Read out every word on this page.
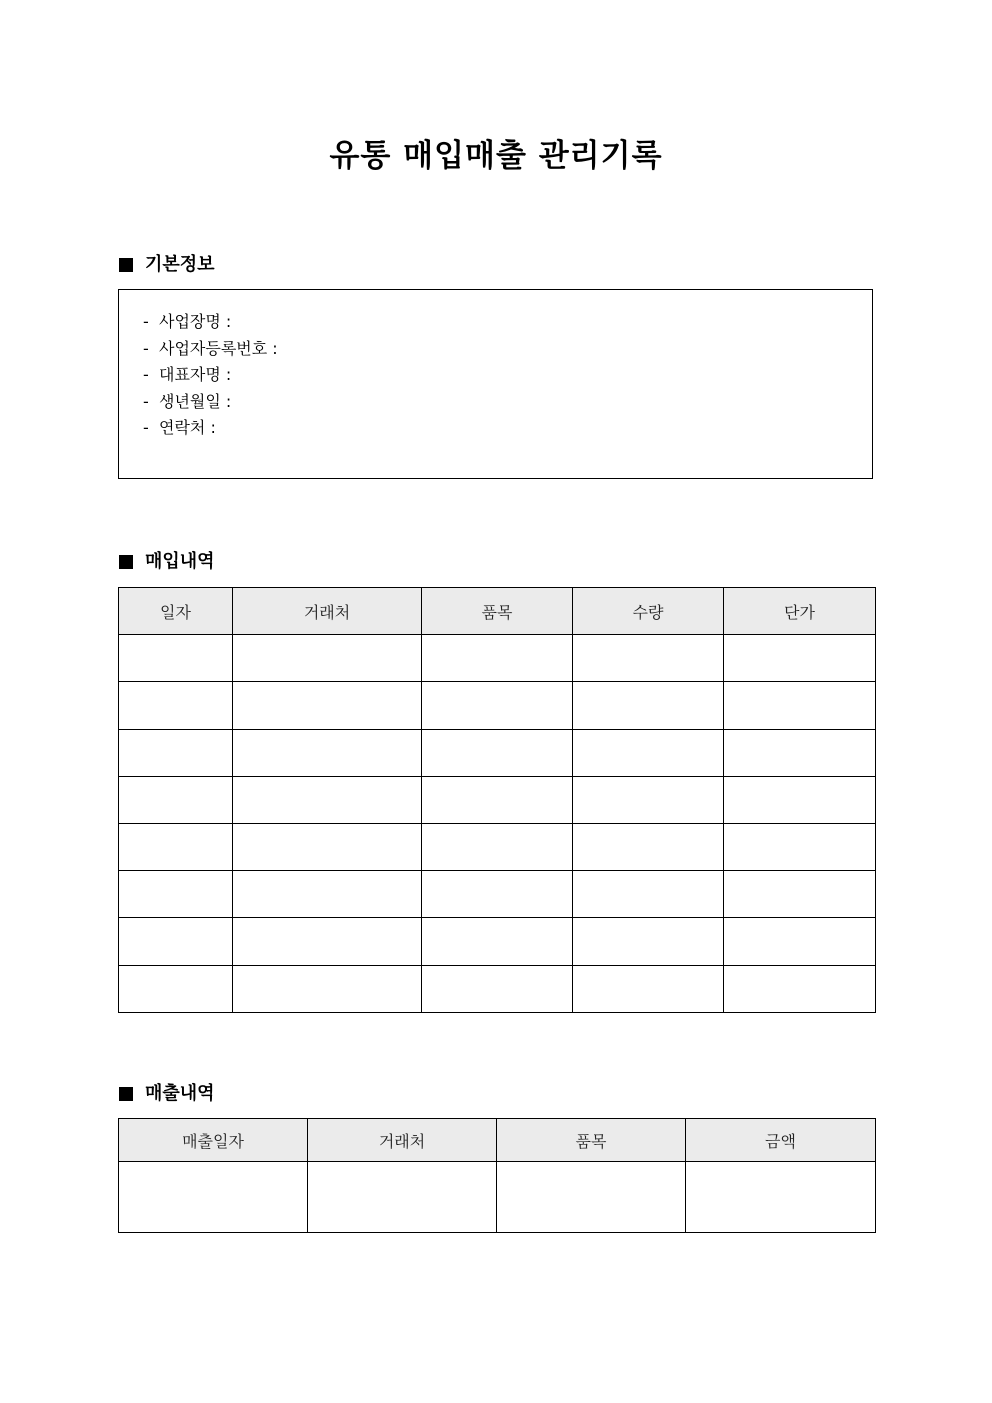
유통 매입매출 관리기록
기본정보
- 사업장명 :
- 사업자등록번호 :
- 대표자명 :
- 생년월일 :
- 연락처 :
매입내역
일자	거래처	품목	수량	단가

매출내역
매출일자	거래처	품목	금액
